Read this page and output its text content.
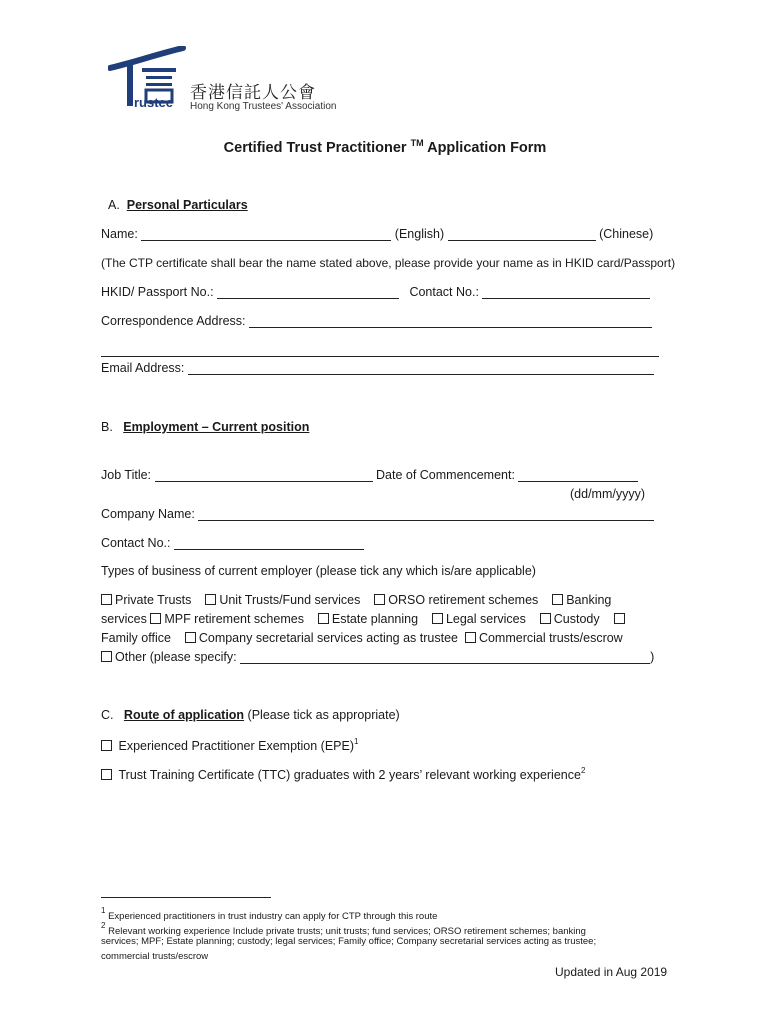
rustee 香港信託人公會
Hong Kong Trustees' Association
Certified Trust Practitioner ™ Application Form
A. Personal Particulars
Name:	(English)	(Chinese)
(The CTP certificate shall bear the name stated above, please provide your name as in HKID card/Passport)
HKID/ Passport No.:	Contact No.:
Correspondence Address:
Email Address:
B. Employment – Current position
Job Title:	Date of Commencement:
(dd/mm/yyyy)
Company Name:
Contact No.:
Types of business of current employer (please tick any which is/are applicable)
Private Trusts Unit Trusts/Fund services ORSO retirement schemes Banking
services MPF retirement schemes Estate planning Legal services Custody
Family office Company secretarial services acting as trustee Commercial trusts/escrow
Other (please specify:	)
C. Route of application (Please tick as appropriate)
Experienced Practitioner Exemption (EPE)$^1$
Trust Training Certificate (TTC) graduates with 2 years’ relevant working experience$^2$
$^1$ Experienced practitioners in trust industry can apply for CTP through this route
$^2$ Relevant working experience Include private trusts; unit trusts; fund services; ORSO retirement schemes; banking
services; MPF; Estate planning; custody; legal services; Family office; Company secretarial services acting as trustee;
commercial trusts/escrow
Updated in Aug 2019
